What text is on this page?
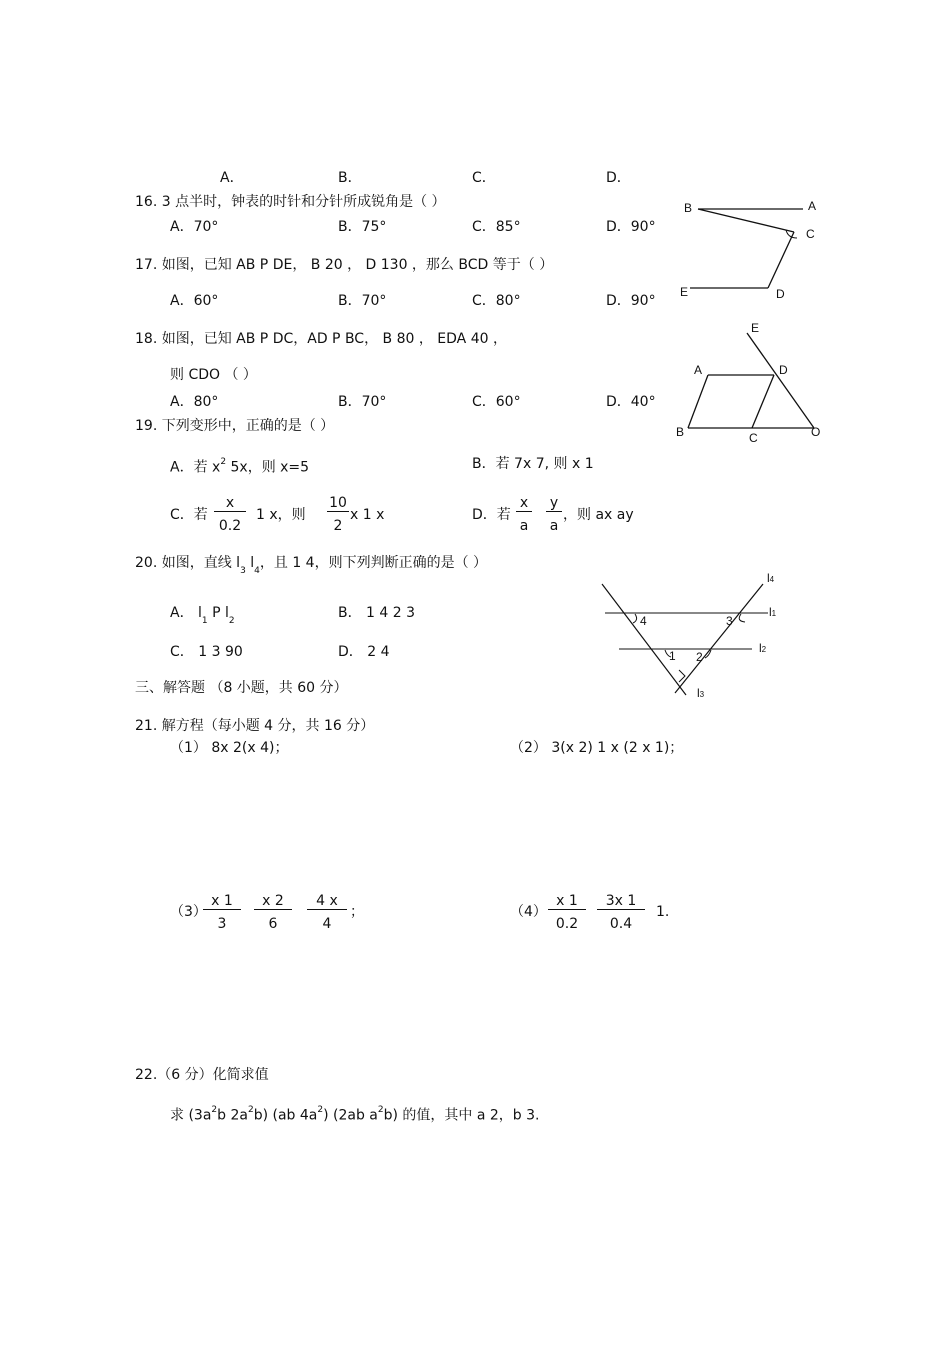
A．	B．	C．	D．
16. 3 点半时，钟表的时针和分针所成锐角是（ ）
A．70°	B．75°	C．85°	D．90°
17. 如图，已知 AB P DE， B 20 ， D 130 ，那么 BCD 等于（ ）
A．60°	B．70°	C．80°	D．90°
B	A
C
E	D
18. 如图，已知 AB P DC，AD P BC， B 80 ， EDA 40 ，
则 CDO （ ）
A．80°	B．70°	C．60°	D．40°
E
A	D
B	C	O
19. 下列变形中，正确的是（ ）
A．若 $x^2$ 5x，则 x=5	B．若 7x 7, 则 x 1
C．若 $\frac{x}{0.2} 1$ x，则 $\frac{10}{2}$ x 1 x	D．若 $\frac{x}{a} \frac{y}{a}$ ，则 ax ay
20. 如图，直线 $l_3$ $l_4$，且 1 4，则下列判断正确的是（ ）
A． $l_1$ P $l_2$	B． 1 4 2 3
C． 1 3 90	D． 2 4
l4
l1
l2
l3
4	3
1 2
三、解答题 （8 小题，共 60 分）
21. 解方程（每小题 4 分，共 16 分）
（1） 8x 2(x 4)；	（2） 3(x 2) 1 x (2 x 1)；
（3）
$\frac{x 1}{3} \frac{x 2}{6} \frac{4 x}{4}$ ；	$(4) \frac{x 1}{0.2} \frac{3x 1}{0.4} 1$.
22.（6 分）化简求值
求 ($3a^2b$ $2a^2b$) (ab $4a^2$) (2ab $a^2b$) 的值，其中 a 2，b 3.
